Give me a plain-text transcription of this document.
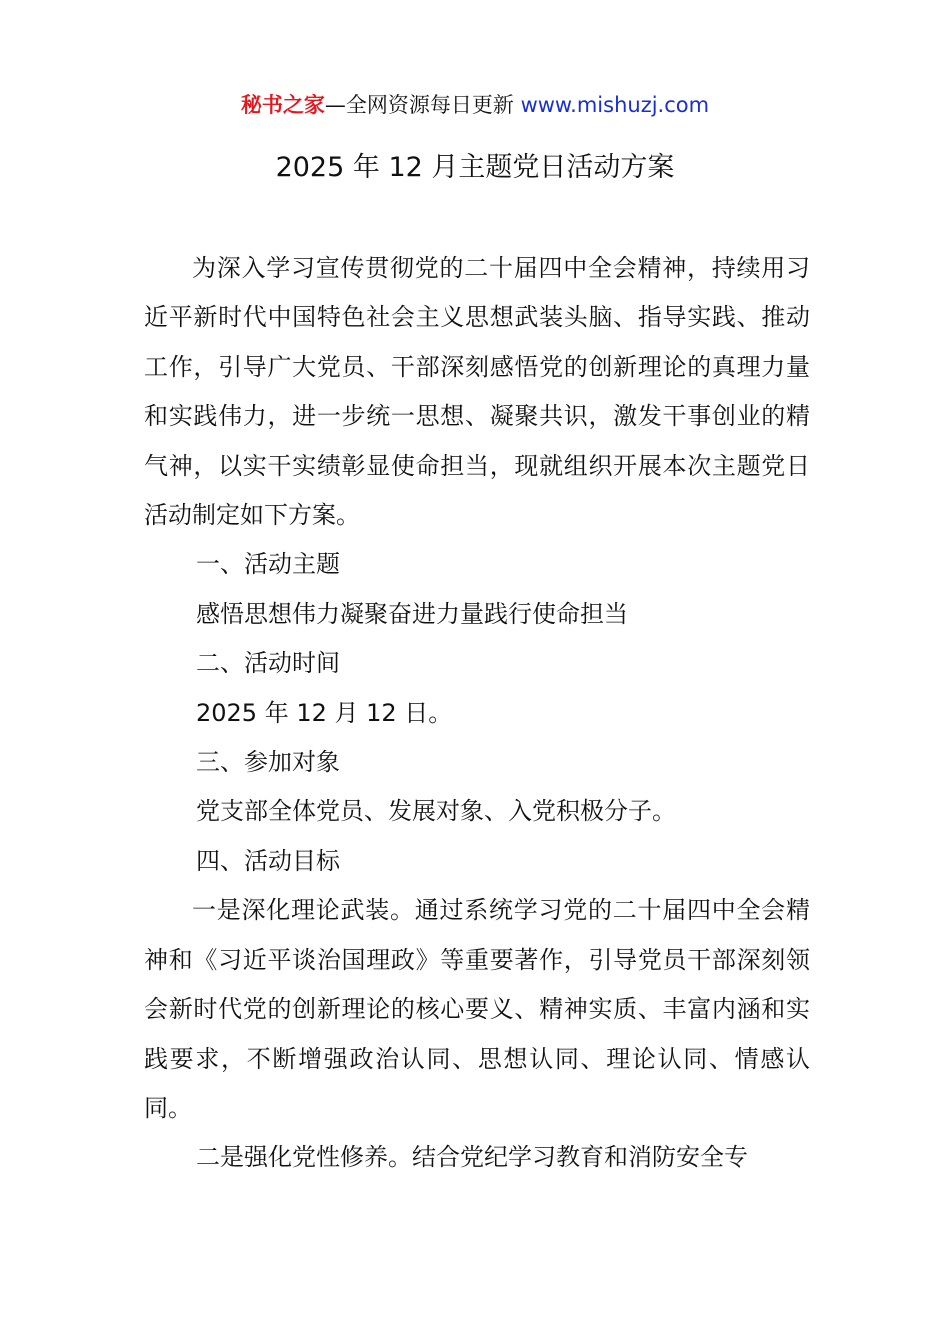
秘书之家—全网资源每日更新 www.mishuzj.com
2025 年 12 月主题党日活动方案

为深入学习宣传贯彻党的二十届四中全会精神，持续用习近平新时代中国特色社会主义思想武装头脑、指导实践、推动工作，引导广大党员、干部深刻感悟党的创新理论的真理力量和实践伟力，进一步统一思想、凝聚共识，激发干事创业的精气神，以实干实绩彰显使命担当，现就组织开展本次主题党日活动制定如下方案。

一、活动主题

感悟思想伟力凝聚奋进力量践行使命担当

二、活动时间

2025 年 12 月 12 日。

三、参加对象

党支部全体党员、发展对象、入党积极分子。

四、活动目标

一是深化理论武装。通过系统学习党的二十届四中全会精神和《习近平谈治国理政》等重要著作，引导党员干部深刻领会新时代党的创新理论的核心要义、精神实质、丰富内涵和实践要求，不断增强政治认同、思想认同、理论认同、情感认同。

二是强化党性修养。结合党纪学习教育和消防安全专
